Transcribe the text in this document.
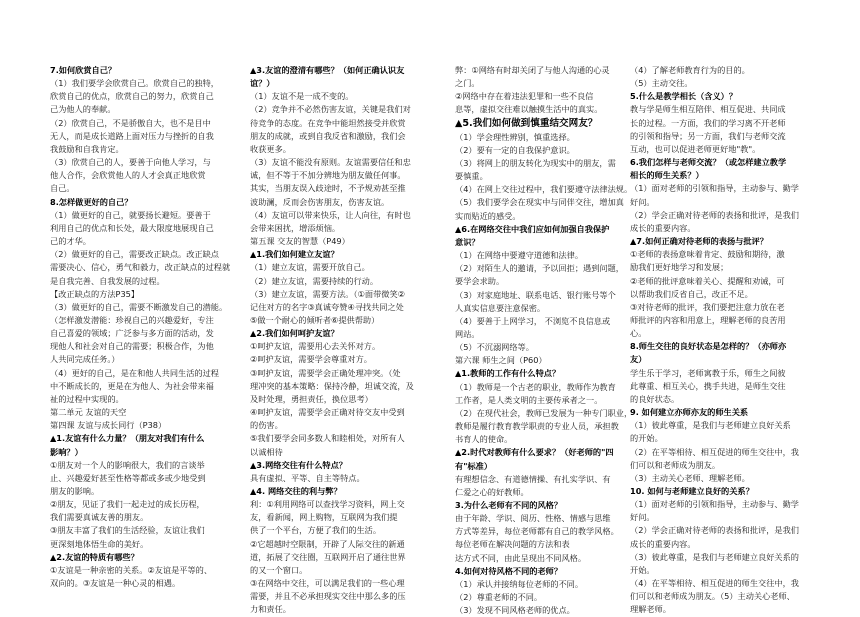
7.如何欣赏自己？

（1）我们要学会欣赏自己。欣赏自己的独特，

欣赏自己的优点，欣赏自己的努力，欣赏自己

己为他人的奉献。

（2）欣赏自己，不是骄傲自大，也不是目中

无人，而是成长道路上面对压力与挫折的自我

我鼓励和自我肯定。

（3）欣赏自己的人，要善于向他人学习，与

他人合作，会欣赏他人的人才会真正地欣赏

自己。

8.怎样做更好的自己？

（1）做更好的自己，就要扬长避短。要善于

利用自己的优点和长处，最大限度地展现自己

己的才华。

（2）做更好的自己，需要改正缺点。改正缺点

需要决心、信心，勇气和毅力，改正缺点的过程就

是自我完善、自我发展的过程。

【改正缺点的方法P35】

（3）做更好的自己，需要不断激发自己的潜能。

（怎样激发潜能：珍视自己的兴趣爱好，专注

自己喜爱的领域；广泛参与多方面的活动，发

现他人和社会对自己的需要；积极合作，为他

人共同完成任务。）

（4）更好的自己，是在和他人共同生活的过程

中不断成长的，更是在为他人、为社会带来福

祉的过程中实现的。

第二单元 友谊的天空

第四课 友谊与成长同行（P38）

▲1.友谊有什么力量？（朋友对我们有什么

影响？）

①朋友对一个人的影响很大，我们的言谈举

止、兴趣爱好甚至性格等都或多或少地受到

朋友的影响。

②朋友，见证了我们一起走过的成长历程，

我们需要真诚友善的朋友。

③朋友丰富了我们的生活经验，友谊让我们

更深刻地体悟生命的美好。

▲2.友谊的特质有哪些？

①友谊是一种亲密的关系。②友谊是平等的、

双向的。③友谊是一种心灵的相遇。

▲3.友谊的澄清有哪些？（如何正确认识友

谊？）

（1）友谊不是一成不变的。

（2）竞争并不必然伤害友谊，关键是我们对

待竞争的态度。在竞争中能坦然接受并欣赏

朋友的成就，或到自我反省和激励，我们会

收获更多。

（3）友谊不能没有原则。友谊需要信任和忠

诚，但不等于不加分辨地为朋友做任何事。

其实，当朋友误入歧途时，不予规劝甚至推

波助澜，反而会伤害朋友，伤害友谊。

（4）友谊可以带来快乐，让人向往，有时也

会带来困扰，增添烦恼。

第五课 交友的智慧（P49）

▲1.我们如何建立友谊？

（1）建立友谊，需要开放自己。

（2）建立友谊，需要持续的行动。

（3）建立友谊，需要方法。（①面带微笑②

记住对方的名字③真诚夸赞④寻找共同之处

⑤做一个耐心的倾听者⑥提供帮助）

▲2.我们如何呵护友谊？

①呵护友谊，需要用心去关怀对方。

②呵护友谊，需要学会尊重对方。

③呵护友谊，需要学会正确处理冲突。（处

理冲突的基本策略：保持冷静，坦诚交流，及

及时处理，勇担责任，换位思考）

④呵护友谊，需要学会正确对待交友中受到

的伤害。

⑤我们要学会同多数人和睦相处，对所有人

以诚相待

▲3.网络交往有什么特点？

具有虚拟、平等、自主等特点。

▲4. 网络交往的利与弊？

利：①利用网络可以查找学习资料，网上交

友，看新闻，网上购物，互联网为我们提

供了一个平台，方便了我们的生活。

②它超越时空限制，开辟了人际交往的新通

道，拓展了交往圈，互联网开启了通往世界

的又一个窗口。

③在网络中交往，可以满足我们的一些心理

需要，并且不必承担现实交往中那么多的压

力和责任。

弊：①网络有时却关闭了与他人沟通的心灵

之门。

②网络中存在着违法犯罪和一些不良信

息等，虚拟交往难以触摸生活中的真实。

▲5.我们如何做到慎重结交网友？

（1）学会理性辨别，慎重选择。

（2）要有一定的自我保护意识。

（3）将网上的朋友转化为现实中的朋友，需

要慎重。

（4）在网上交往过程中，我们要遵守法律法规。

（5）我们要学会在现实中与同伴交往，增加真

实而贴近的感受。

▲6.在网络交往中我们应如何加强自我保护

意识？

（1）在网络中要遵守道德和法律。

（2）对陌生人的邀请，予以回拒；遇到问题，

要学会求助。

（3）对家庭地址、联系电话、银行账号等个

人真实信息要注意保密。

（4）要善于上网学习， 不浏览不良信息或

网站。

（5）不沉溺网络等。

第六课 师生之间（P60）

▲1.教师的工作有什么特点？

（1）教师是一个古老的职业，教师作为教育

工作者，是人类文明的主要传承者之一。

（2）在现代社会，教师已发展为一种专门职业，

教师是履行教育教学职责的专业人员，承担教

书育人的使命。

▲2.时代对教师有什么要求？（好老师的"四

有"标准）

有理想信念、有道德情操、有扎实学识、有

仁爱之心的好教师。

3.为什么老师有不同的风格？

由于年龄、学识、阅历、性格、情感与思维

方式等差异，每位老师都有自己的教学风格。

每位老师在解决问题的方法和表

达方式不同，由此呈现出不同风格。

4.如何对待风格不同的老师？

（1）承认并接纳每位老师的不同。

（2）尊重老师的不同。

（3）发现不同风格老师的优点。

（4）了解老师教育行为的目的。

（5）主动交往。

5.什么是教学相长（含义）？

教与学是师生相互陪伴、相互促进、共同成

长的过程。一方面，我们的学习离不开老师

的引领和指导；另一方面，我们与老师交流

互动，也可以促进老师更好地"教"。

6.我们怎样与老师交流？（或怎样建立教学

相长的师生关系？）

（1）面对老师的引领和指导，主动参与、勤学

好问。

（2）学会正确对待老师的表扬和批评，是我们

成长的重要内容。

▲7.如何正确对待老师的表扬与批评？

①老师的表扬意味着肯定、鼓励和期待，激

励我们更好地学习和发展；

②老师的批评意味着关心、提醒和劝诫，可

以帮助我们反省自己，改正不足。

③对待老师的批评，我们要把注意力放在老

师批评的内容和用意上，理解老师的良苦用

心。

8.师生交往的良好状态是怎样的？（亦师亦

友）

学生乐于学习，老师寓教于乐，师生之间彼

此尊重、相互关心，携手共进，是师生交往

的良好状态。

9. 如何建立亦师亦友的师生关系

（1）彼此尊重，是我们与老师建立良好关系

的开始。

（2）在平等相待、相互促进的师生交往中，我

们可以和老师成为朋友。

（3）主动关心老师、理解老师。

10. 如何与老师建立良好的关系？

（1）面对老师的引领和指导，主动参与、勤学

好问。

（2）学会正确对待老师的表扬和批评，是我们

成长的重要内容。

（3）彼此尊重，是我们与老师建立良好关系的

开始。

（4）在平等相待、相互促进的师生交往中，我

们可以和老师成为朋友。（5）主动关心老师、

理解老师。
